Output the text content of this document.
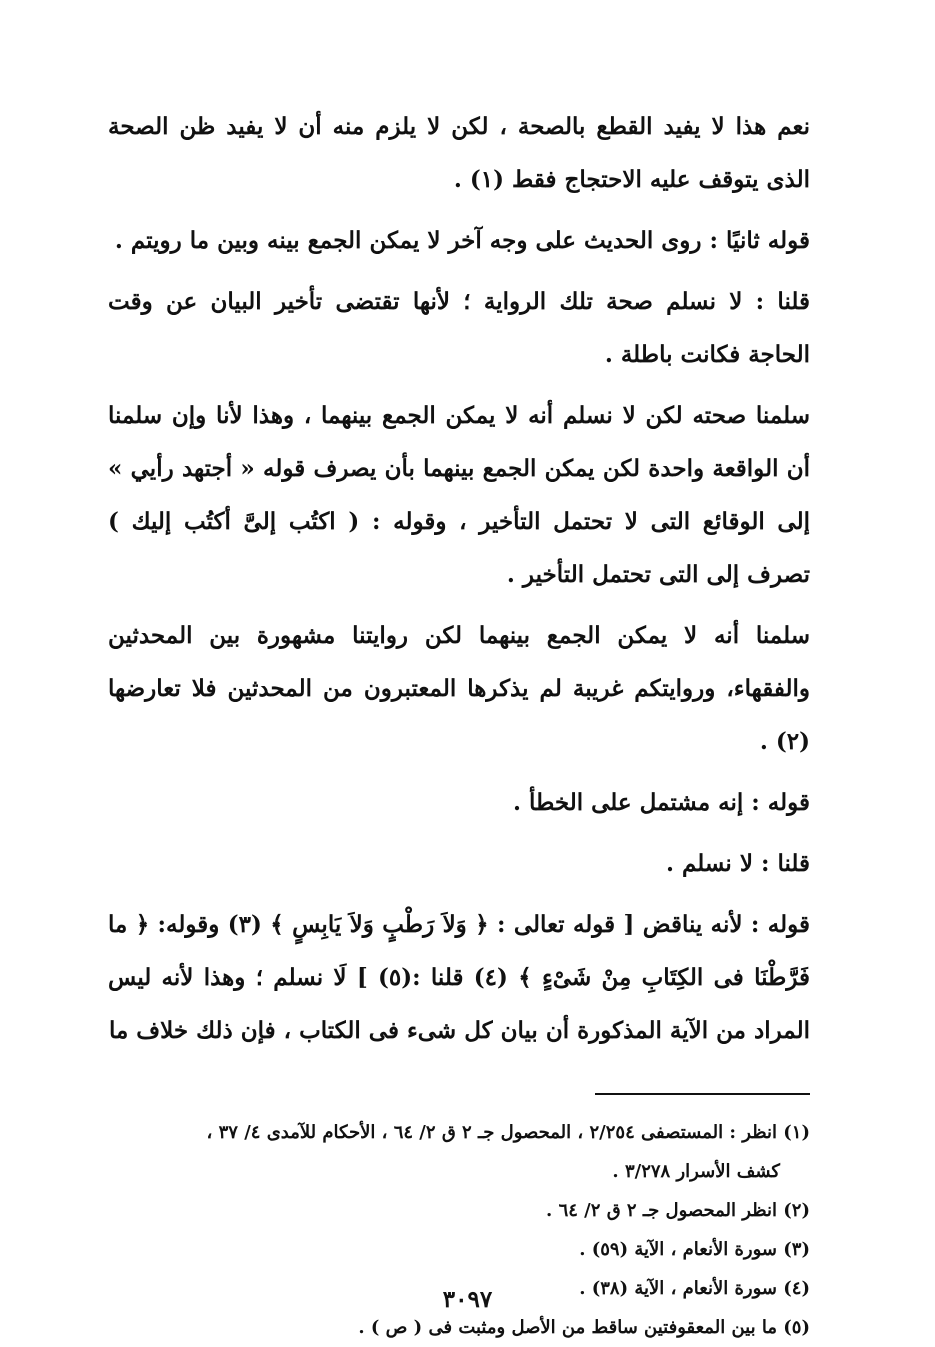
نعم هذا لا يفيد القطع بالصحة ، لكن لا يلزم منه أن لا يفيد ظن الصحة الذى يتوقف عليه الاحتجاج فقط (١) .

قوله ثانيًا : روى الحديث على وجه آخر لا يمكن الجمع بينه وبين ما رويتم .

قلنا : لا نسلم صحة تلك الرواية ؛ لأنها تقتضى تأخير البيان عن وقت الحاجة فكانت باطلة .

سلمنا صحته لكن لا نسلم أنه لا يمكن الجمع بينهما ، وهذا لأنا وإن سلمنا أن الواقعة واحدة لكن يمكن الجمع بينهما بأن يصرف قوله « أجتهد رأيي » إلى الوقائع التى لا تحتمل التأخير ، وقوله : ( اكتُب إلىَّ أكتُب إليك ) تصرف إلى التى تحتمل التأخير .

سلمنا أنه لا يمكن الجمع بينهما لكن روايتنا مشهورة بين المحدثين والفقهاء، وروايتكم غريبة لم يذكرها المعتبرون من المحدثين فلا تعارضها (٢) .

قوله : إنه مشتمل على الخطأ .

قلنا : لا نسلم .

قوله : لأنه يناقض [ قوله تعالى : ﴿ وَلاَ رَطْبٍ وَلاَ يَابِسٍ ﴾ (٣) وقوله: ﴿ ما فَرَّطْنَا فى الكِتَابِ مِنْ شَىْءٍ ﴾ (٤) قلنا :(٥) ] لَا نسلم ؛ وهذا لأنه ليس المراد من الآية المذكورة أن بيان كل شىء فى الكتاب ، فإن ذلك خلاف ما

(١) انظر : المستصفى ٢/٢٥٤ ، المحصول جـ ٢ ق ٢/ ٦٤ ، الأحكام للآمدى ٤/ ٣٧ ،

كشف الأسرار ٣/٢٧٨ .

(٢) انظر المحصول جـ ٢ ق ٢/ ٦٤ .

(٣) سورة الأنعام ، الآية (٥٩) .

(٤) سورة الأنعام ، الآية (٣٨) .

(٥) ما بين المعقوفتين ساقط من الأصل ومثبت فى ( ص ) .

٣٠٩٧
